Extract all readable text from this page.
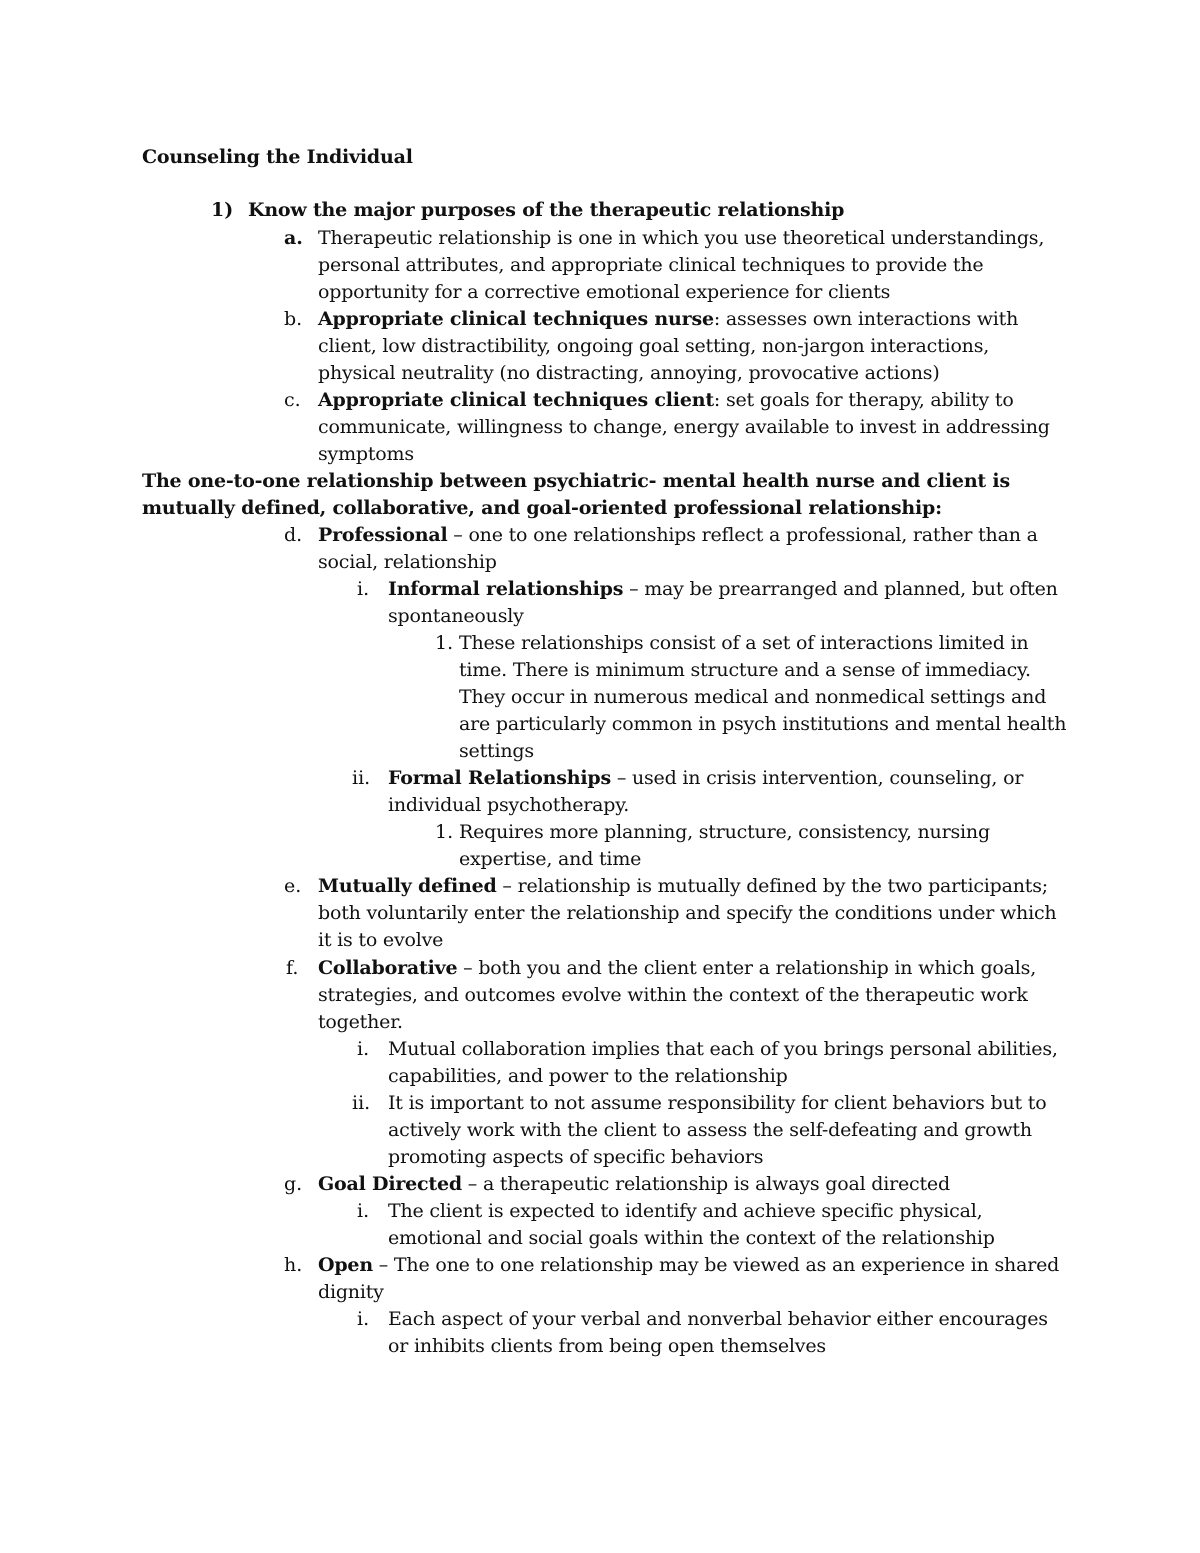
Counseling the Individual
1) Know the major purposes of the therapeutic relationship
a. Therapeutic relationship is one in which you use theoretical understandings,
personal attributes, and appropriate clinical techniques to provide the
opportunity for a corrective emotional experience for clients
b. Appropriate clinical techniques nurse: assesses own interactions with
client, low distractibility, ongoing goal setting, non-jargon interactions,
physical neutrality (no distracting, annoying, provocative actions)
c. Appropriate clinical techniques client: set goals for therapy, ability to
communicate, willingness to change, energy available to invest in addressing
symptoms
The one-to-one relationship between psychiatric- mental health nurse and client is
mutually defined, collaborative, and goal-oriented professional relationship:
d. Professional – one to one relationships reflect a professional, rather than a
social, relationship
i. Informal relationships – may be prearranged and planned, but often
spontaneously
1. These relationships consist of a set of interactions limited in
time. There is minimum structure and a sense of immediacy.
They occur in numerous medical and nonmedical settings and
are particularly common in psych institutions and mental health
settings
ii. Formal Relationships – used in crisis intervention, counseling, or
individual psychotherapy.
1. Requires more planning, structure, consistency, nursing
expertise, and time
e. Mutually defined – relationship is mutually defined by the two participants;
both voluntarily enter the relationship and specify the conditions under which
it is to evolve
f. Collaborative – both you and the client enter a relationship in which goals,
strategies, and outcomes evolve within the context of the therapeutic work
together.
i. Mutual collaboration implies that each of you brings personal abilities,
capabilities, and power to the relationship
ii. It is important to not assume responsibility for client behaviors but to
actively work with the client to assess the self-defeating and growth
promoting aspects of specific behaviors
g. Goal Directed – a therapeutic relationship is always goal directed
i. The client is expected to identify and achieve specific physical,
emotional and social goals within the context of the relationship
h. Open – The one to one relationship may be viewed as an experience in shared
dignity
i. Each aspect of your verbal and nonverbal behavior either encourages
or inhibits clients from being open themselves
